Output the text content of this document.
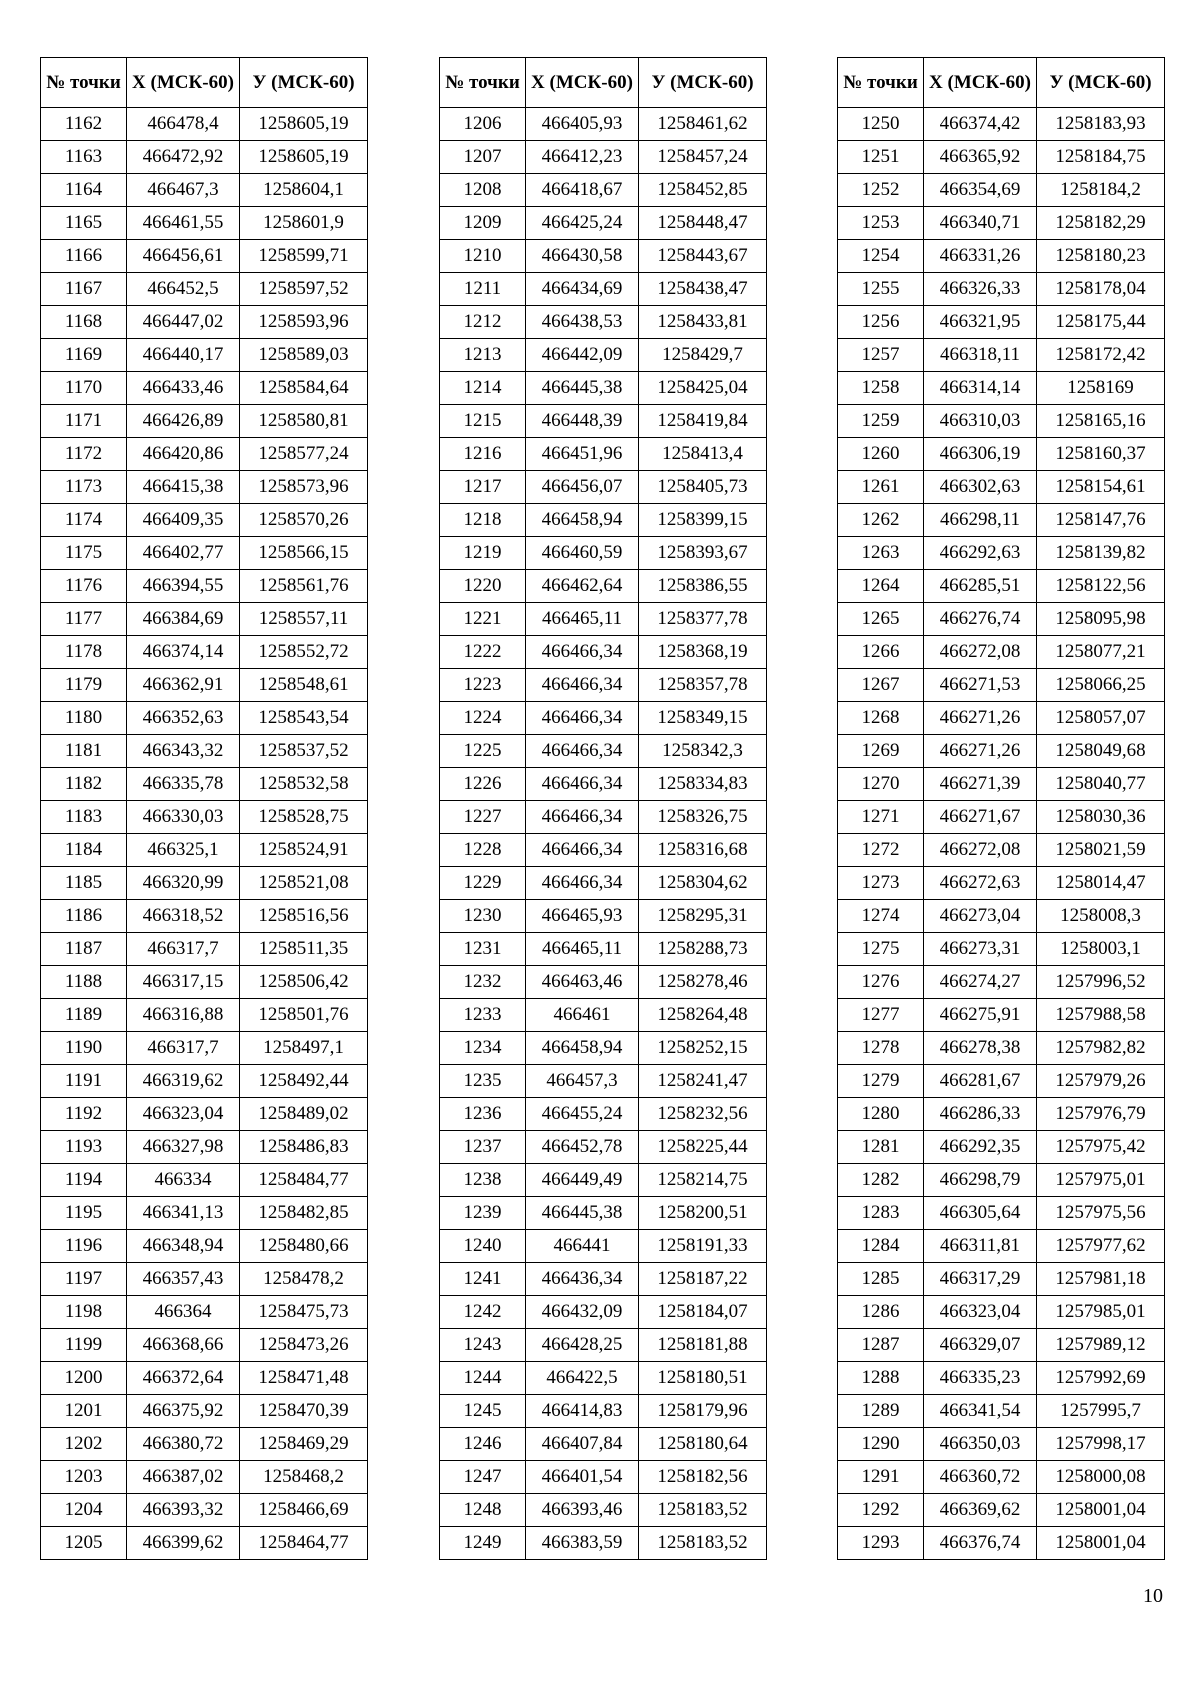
№ точки	Х (МСК-60)	У (МСК-60)
1162	466478,4	1258605,19
1163	466472,92	1258605,19
1164	466467,3	1258604,1
1165	466461,55	1258601,9
1166	466456,61	1258599,71
1167	466452,5	1258597,52
1168	466447,02	1258593,96
1169	466440,17	1258589,03
1170	466433,46	1258584,64
1171	466426,89	1258580,81
1172	466420,86	1258577,24
1173	466415,38	1258573,96
1174	466409,35	1258570,26
1175	466402,77	1258566,15
1176	466394,55	1258561,76
1177	466384,69	1258557,11
1178	466374,14	1258552,72
1179	466362,91	1258548,61
1180	466352,63	1258543,54
1181	466343,32	1258537,52
1182	466335,78	1258532,58
1183	466330,03	1258528,75
1184	466325,1	1258524,91
1185	466320,99	1258521,08
1186	466318,52	1258516,56
1187	466317,7	1258511,35
1188	466317,15	1258506,42
1189	466316,88	1258501,76
1190	466317,7	1258497,1
1191	466319,62	1258492,44
1192	466323,04	1258489,02
1193	466327,98	1258486,83
1194	466334	1258484,77
1195	466341,13	1258482,85
1196	466348,94	1258480,66
1197	466357,43	1258478,2
1198	466364	1258475,73
1199	466368,66	1258473,26
1200	466372,64	1258471,48
1201	466375,92	1258470,39
1202	466380,72	1258469,29
1203	466387,02	1258468,2
1204	466393,32	1258466,69
1205	466399,62	1258464,77
№ точки	Х (МСК-60)	У (МСК-60)
1206	466405,93	1258461,62
1207	466412,23	1258457,24
1208	466418,67	1258452,85
1209	466425,24	1258448,47
1210	466430,58	1258443,67
1211	466434,69	1258438,47
1212	466438,53	1258433,81
1213	466442,09	1258429,7
1214	466445,38	1258425,04
1215	466448,39	1258419,84
1216	466451,96	1258413,4
1217	466456,07	1258405,73
1218	466458,94	1258399,15
1219	466460,59	1258393,67
1220	466462,64	1258386,55
1221	466465,11	1258377,78
1222	466466,34	1258368,19
1223	466466,34	1258357,78
1224	466466,34	1258349,15
1225	466466,34	1258342,3
1226	466466,34	1258334,83
1227	466466,34	1258326,75
1228	466466,34	1258316,68
1229	466466,34	1258304,62
1230	466465,93	1258295,31
1231	466465,11	1258288,73
1232	466463,46	1258278,46
1233	466461	1258264,48
1234	466458,94	1258252,15
1235	466457,3	1258241,47
1236	466455,24	1258232,56
1237	466452,78	1258225,44
1238	466449,49	1258214,75
1239	466445,38	1258200,51
1240	466441	1258191,33
1241	466436,34	1258187,22
1242	466432,09	1258184,07
1243	466428,25	1258181,88
1244	466422,5	1258180,51
1245	466414,83	1258179,96
1246	466407,84	1258180,64
1247	466401,54	1258182,56
1248	466393,46	1258183,52
1249	466383,59	1258183,52
№ точки	Х (МСК-60)	У (МСК-60)
1250	466374,42	1258183,93
1251	466365,92	1258184,75
1252	466354,69	1258184,2
1253	466340,71	1258182,29
1254	466331,26	1258180,23
1255	466326,33	1258178,04
1256	466321,95	1258175,44
1257	466318,11	1258172,42
1258	466314,14	1258169
1259	466310,03	1258165,16
1260	466306,19	1258160,37
1261	466302,63	1258154,61
1262	466298,11	1258147,76
1263	466292,63	1258139,82
1264	466285,51	1258122,56
1265	466276,74	1258095,98
1266	466272,08	1258077,21
1267	466271,53	1258066,25
1268	466271,26	1258057,07
1269	466271,26	1258049,68
1270	466271,39	1258040,77
1271	466271,67	1258030,36
1272	466272,08	1258021,59
1273	466272,63	1258014,47
1274	466273,04	1258008,3
1275	466273,31	1258003,1
1276	466274,27	1257996,52
1277	466275,91	1257988,58
1278	466278,38	1257982,82
1279	466281,67	1257979,26
1280	466286,33	1257976,79
1281	466292,35	1257975,42
1282	466298,79	1257975,01
1283	466305,64	1257975,56
1284	466311,81	1257977,62
1285	466317,29	1257981,18
1286	466323,04	1257985,01
1287	466329,07	1257989,12
1288	466335,23	1257992,69
1289	466341,54	1257995,7
1290	466350,03	1257998,17
1291	466360,72	1258000,08
1292	466369,62	1258001,04
1293	466376,74	1258001,04
10
